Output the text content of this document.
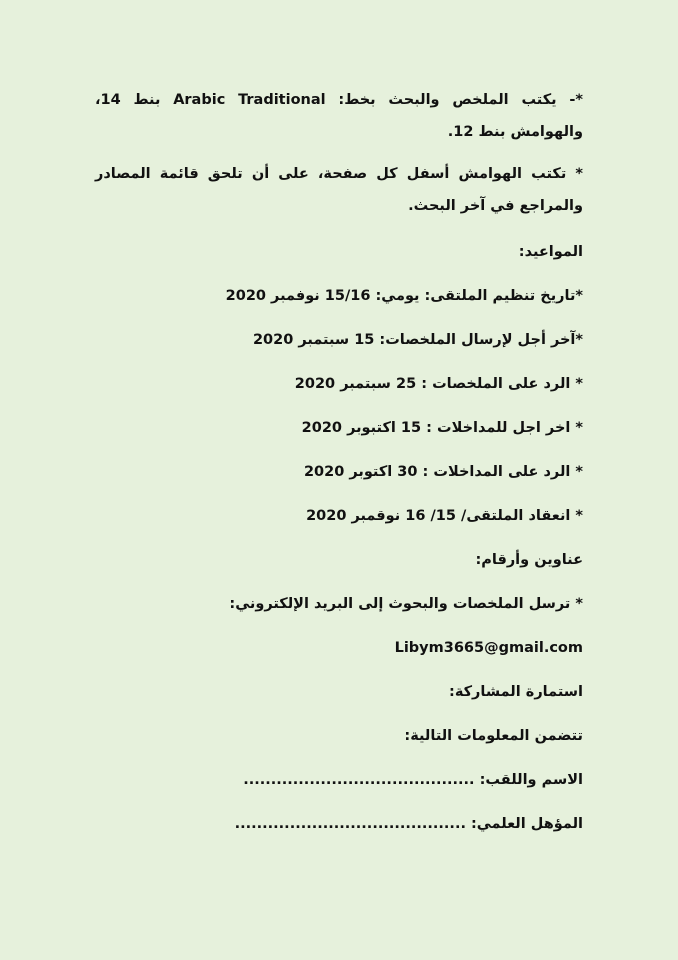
*- يكتب الملخص والبحث بخط: Arabic Traditional بنط 14، والهوامش بنط 12.
* تكتب الهوامش أسفل كل صفحة، على أن تلحق قائمة المصادر والمراجع في آخر البحث.
المواعيد:
*تاريخ تنظيم الملتقى: يومي: 15/16 نوفمبر 2020
*آخر أجل لإرسال الملخصات: 15 سبتمبر 2020
* الرد على الملخصات : 25 سبتمبر 2020
* اخر اجل للمداخلات : 15 اكتبوبر 2020
* الرد على المداخلات : 30 اكتوبر 2020
* انعقاد الملتقى/ 15/ 16 نوقمبر 2020
عناوين وأرقام:
* ترسل الملخصات والبحوث إلى البريد الإلكتروني:
Libym3665@gmail.com
استمارة المشاركة:
تتضمن المعلومات التالية:
الاسم واللقب: ..........................................
المؤهل العلمي: ..........................................
